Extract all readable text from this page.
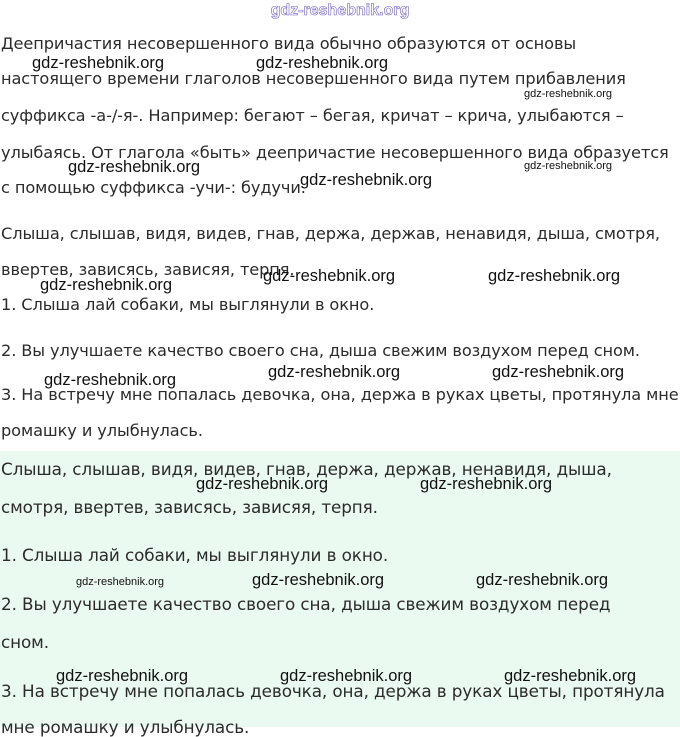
gdz-reshebnik.org
Деепричастия несовершенного вида обычно образуются от основы
настоящего времени глаголов несовершенного вида путем прибавления
суффикса -а-/-я-. Например: бегают – бегая, кричат – крича, улыбаются –
улыбаясь. От глагола «быть» деепричастие несовершенного вида образуется
с помощью суффикса -учи-: будучи.
Слыша, слышав, видя, видев, гнав, держа, держав, ненавидя, дыша, смотря,
ввертев, зависясь, зависяя, терпя.
1. Слыша лай собаки, мы выглянули в окно.
2. Вы улучшаете качество своего сна, дыша свежим воздухом перед сном.
3. На встречу мне попалась девочка, она, держа в руках цветы, протянула мне
ромашку и улыбнулась.
Слыша, слышав, видя, видев, гнав, держа, держав, ненавидя, дыша,
смотря, ввертев, зависясь, зависяя, терпя.
1. Слыша лай собаки, мы выглянули в окно.
2. Вы улучшаете качество своего сна, дыша свежим воздухом перед
сном.
3. На встречу мне попалась девочка, она, держа в руках цветы, протянула
мне ромашку и улыбнулась.
gdz-reshebnik.org	gdz-reshebnik.org
gdz-reshebnik.org
gdz-reshebnik.org	gdz-reshebnik.org
gdz-reshebnik.org
gdz-reshebnik.org	gdz-reshebnik.org
gdz-reshebnik.org
gdz-reshebnik.org	gdz-reshebnik.org
gdz-reshebnik.org
gdz-reshebnik.org	gdz-reshebnik.org
gdz-reshebnik.org	gdz-reshebnik.org	gdz-reshebnik.org
gdz-reshebnik.org	gdz-reshebnik.org	gdz-reshebnik.org
